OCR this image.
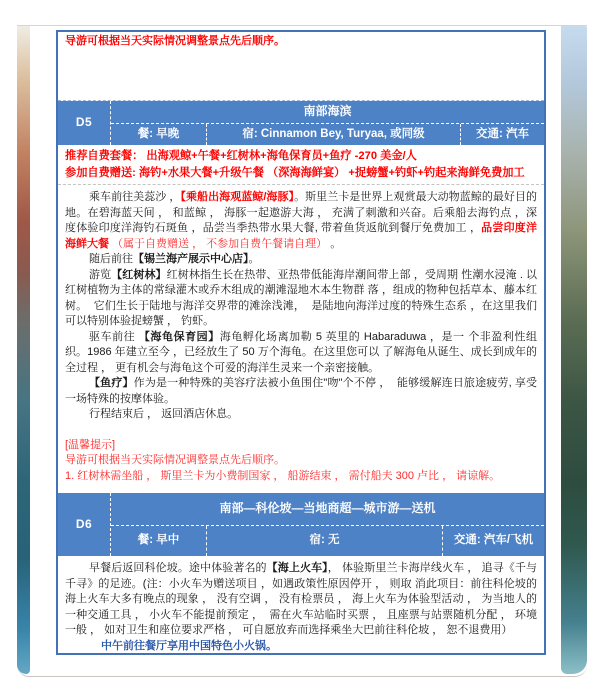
导游可根据当天实际情况调整景点先后顺序。
D5
南部海滨
餐: 早晚	宿: Cinnamon Bey, Turyaa, 或同级	交通: 汽车
推荐自费套餐： 出海观鲸+午餐+红树林+海龟保育员+鱼疗 -270 美金/人
参加自费赠送: 海钓+水果大餐+升级午餐 （深海海鲜宴） +捉螃蟹+钓虾+钓起来海鲜免费加工

乘车前往美蕊沙 ，【乘船出海观蓝鲸/海豚】。斯里兰卡是世界上观赏最大动物蓝鲸的最好目的地。在碧海蓝天间 ， 和蓝鲸 ， 海豚一起遨游大海 ， 充满了刺激和兴奋。后乘船去海钓点 ，深度体验印度洋海钓石斑鱼 ，品尝当季热带水果大餐, 带着鱼货返航到餐厅免费加工 ，品尝印度洋海鲜大餐 （属于自费赠送 ， 不参加自费午餐请自理） 。

随后前往【锡兰海产展示中心店】。

游览【红树林】红树林指生长在热带、亚热带低能海岸潮间带上部 ，受周期 性潮水浸淹 . 以红树植物为主体的常绿灌木或乔木组成的潮滩湿地木本生物群 落 ，组成的物种包括草本、藤本红树。  它们生长于陆地与海洋交界带的滩涂浅滩，  是陆地向海洋过度的特殊生态系 ，在这里我们可以特别体验捉螃蟹 ， 钓虾。

驱车前往 【海龟保育园】海龟孵化场离加勒 5 英里的 Habaraduwa ，是一 个非盈利性组织。1986 年建立至今 ，已经放生了 50 万个海龟。在这里您可以 了解海龟从诞生、成长到成年的全过程 ， 更有机会与海龟这个可爱的海洋生灵来一个亲密接触。

【鱼疗】作为是一种特殊的美容疗法被小鱼围住"吻"个不停 ，  能够缓解连日旅途疲劳, 享受一场特殊的按摩体验。

行程结束后 ， 返回酒店休息。

[温馨提示]

导游可根据当天实际情况调整景点先后顺序。

1. 红树林需坐船 ， 斯里兰卡为小费制国家 ， 船游结束 ， 需付船夫 300 卢比 ， 请谅解。

D6
南部—科伦坡—当地商超—城市游—送机
餐: 早中	宿: 无	交通: 汽车/飞机

早餐后返回科伦坡。途中体验著名的【海上火车】， 体验斯里兰卡海岸线火车 ， 追寻《千与千寻》的足迹。(注：小火车为赠送项目 ，如遇政策性原因停开 ， 则取 消此项目：前往科伦坡的海上火车大多有晚点的现象 ， 没有空调 ， 没有检票员 ， 海上火车为体验型活动 ， 为当地人的一种交通工具 ， 小火车不能提前预定 ，  需在火车站临时买票 ， 且座票与站票随机分配 ， 环境一般 ， 如对卫生和座位要求严格 ， 可自愿放弃而选择乘坐大巴前往科伦坡 ， 恕不退费用）

中午前往餐厅享用中国特色小火锅。
